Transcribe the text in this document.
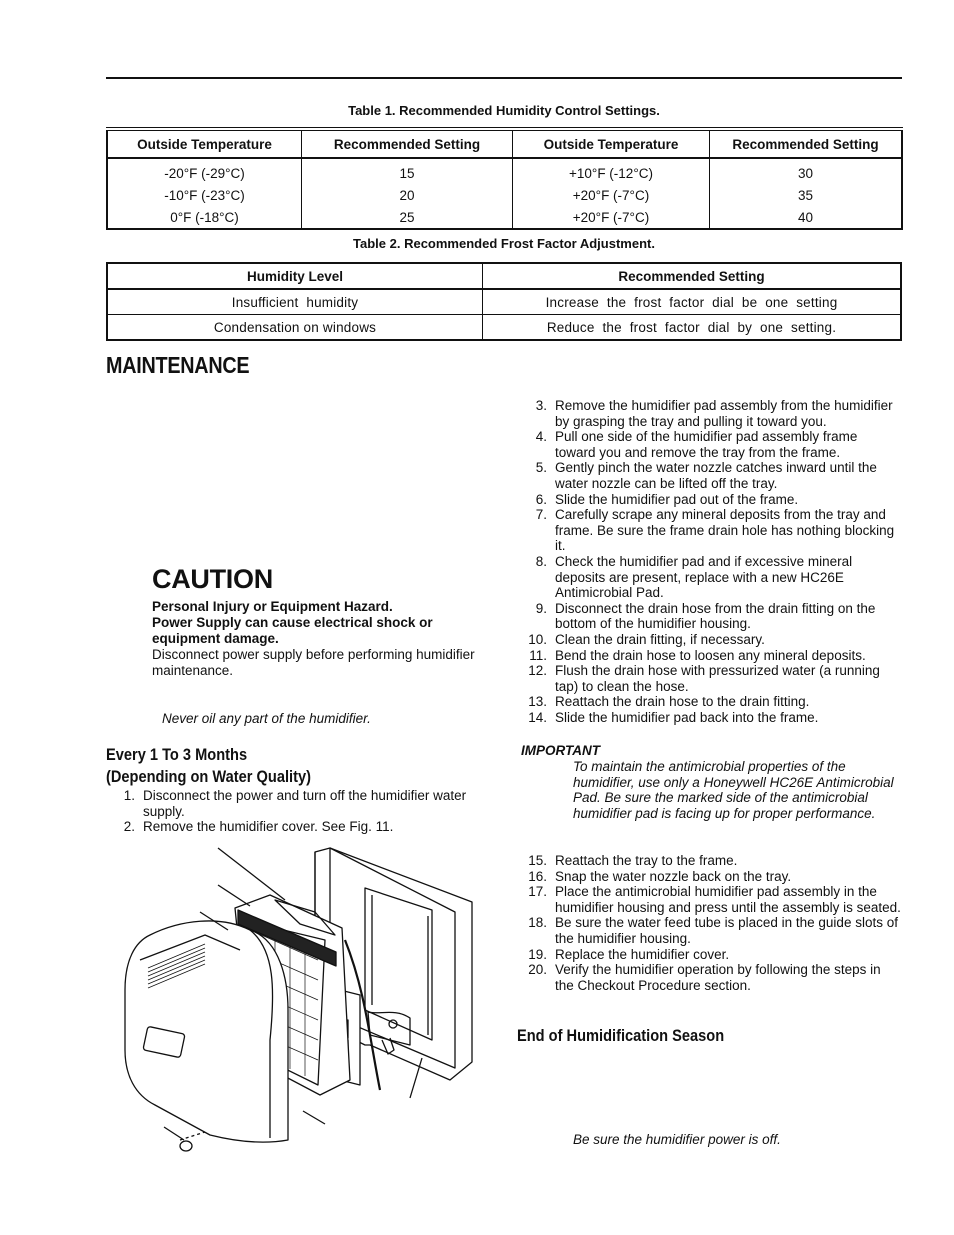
Table 1. Recommended Humidity Control Settings.
Outside Temperature	Recommended Setting	Outside Temperature	Recommended Setting
-20°F (-29°C)	15	+10°F (-12°C)	30
-10°F (-23°C)	20	+20°F (-7°C)	35
0°F (-18°C)	25	+20°F (-7°C)	40
Table 2. Recommended Frost Factor Adjustment.
Humidity Level	Recommended Setting
Insufficient  humidity	Increase  the  frost  factor  dial  be  one  setting
Condensation on windows	Reduce  the  frost  factor  dial  by  one  setting.
MAINTENANCE
CAUTION
Personal Injury or Equipment Hazard.
Power Supply can cause electrical shock or equipment damage.
Disconnect power supply before performing humidifier maintenance.
Never oil any part of the humidifier.
Every 1 To 3 Months
(Depending on Water Quality)
1. Disconnect the power and turn off the humidifier water supply.
2. Remove the humidifier cover. See Fig. 11.
3. Remove the humidifier pad assembly from the humidifier by grasping the tray and pulling it toward you.
4. Pull one side of the humidifier pad assembly frame toward you and remove the tray from the frame.
5. Gently pinch the water nozzle catches inward until the water nozzle can be lifted off the tray.
6. Slide the humidifier pad out of the frame.
7. Carefully scrape any mineral deposits from the tray and frame. Be sure the frame drain hole has nothing blocking it.
8. Check the humidifier pad and if excessive mineral deposits are present, replace with a new HC26E Antimicrobial Pad.
9. Disconnect the drain hose from the drain fitting on the bottom of the humidifier housing.
10. Clean the drain fitting, if necessary.
11. Bend the drain hose to loosen any mineral deposits.
12. Flush the drain hose with pressurized water (a running tap) to clean the hose.
13. Reattach the drain hose to the drain fitting.
14. Slide the humidifier pad back into the frame.
IMPORTANT
To maintain the antimicrobial properties of the humidifier, use only a Honeywell HC26E Antimicrobial Pad. Be sure the marked side of the antimicrobial humidifier pad is facing up for proper performance.
15. Reattach the tray to the frame.
16. Snap the water nozzle back on the tray.
17. Place the antimicrobial humidifier pad assembly in the humidifier housing and press until the assembly is seated.
18. Be sure the water feed tube is placed in the guide slots of the humidifier housing.
19. Replace the humidifier cover.
20. Verify the humidifier operation by following the steps in the Checkout Procedure section.
End of Humidification Season
Be sure the humidifier power is off.
